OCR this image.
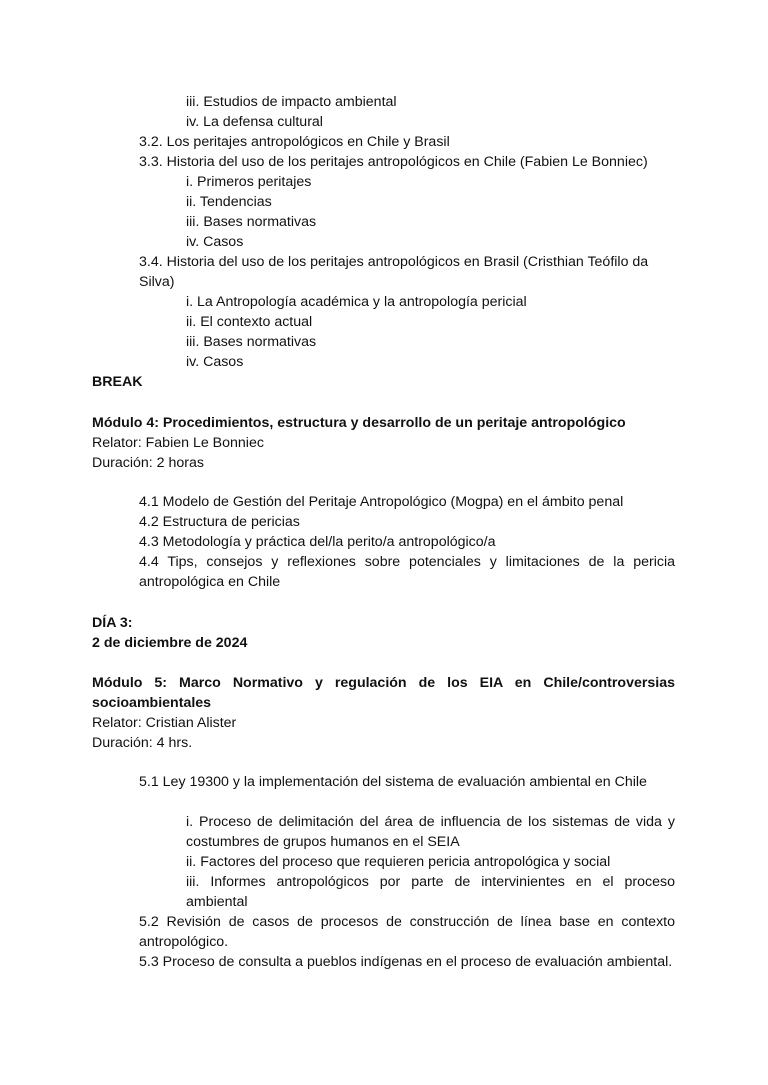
iii. Estudios de impacto ambiental
iv. La defensa cultural
3.2. Los peritajes antropológicos en Chile y Brasil
3.3. Historia del uso de los peritajes antropológicos en Chile (Fabien Le Bonniec)
i. Primeros peritajes
ii. Tendencias
iii. Bases normativas
iv. Casos
3.4. Historia del uso de los peritajes antropológicos en Brasil (Cristhian Teófilo da
Silva)
i. La Antropología académica y la antropología pericial
ii. El contexto actual
iii. Bases normativas
iv. Casos
BREAK
Módulo 4: Procedimientos, estructura y desarrollo de un peritaje antropológico
Relator: Fabien Le Bonniec
Duración: 2 horas
4.1 Modelo de Gestión del Peritaje Antropológico (Mogpa) en el ámbito penal
4.2 Estructura de pericias
4.3 Metodología y práctica del/la perito/a antropológico/a
4.4 Tips, consejos y reflexiones sobre potenciales y limitaciones de la pericia antropológica en Chile
DÍA 3:
2 de diciembre de 2024
Módulo 5: Marco Normativo y regulación de los EIA en Chile/controversias socioambientales
Relator: Cristian Alister
Duración: 4 hrs.
5.1 Ley 19300 y la implementación del sistema de evaluación ambiental en Chile
i. Proceso de delimitación del área de influencia de los sistemas de vida y costumbres de grupos humanos en el SEIA
ii. Factores del proceso que requieren pericia antropológica y social
iii. Informes antropológicos por parte de intervinientes en el proceso ambiental
5.2 Revisión de casos de procesos de construcción de línea base en contexto antropológico.
5.3 Proceso de consulta a pueblos indígenas en el proceso de evaluación ambiental.
